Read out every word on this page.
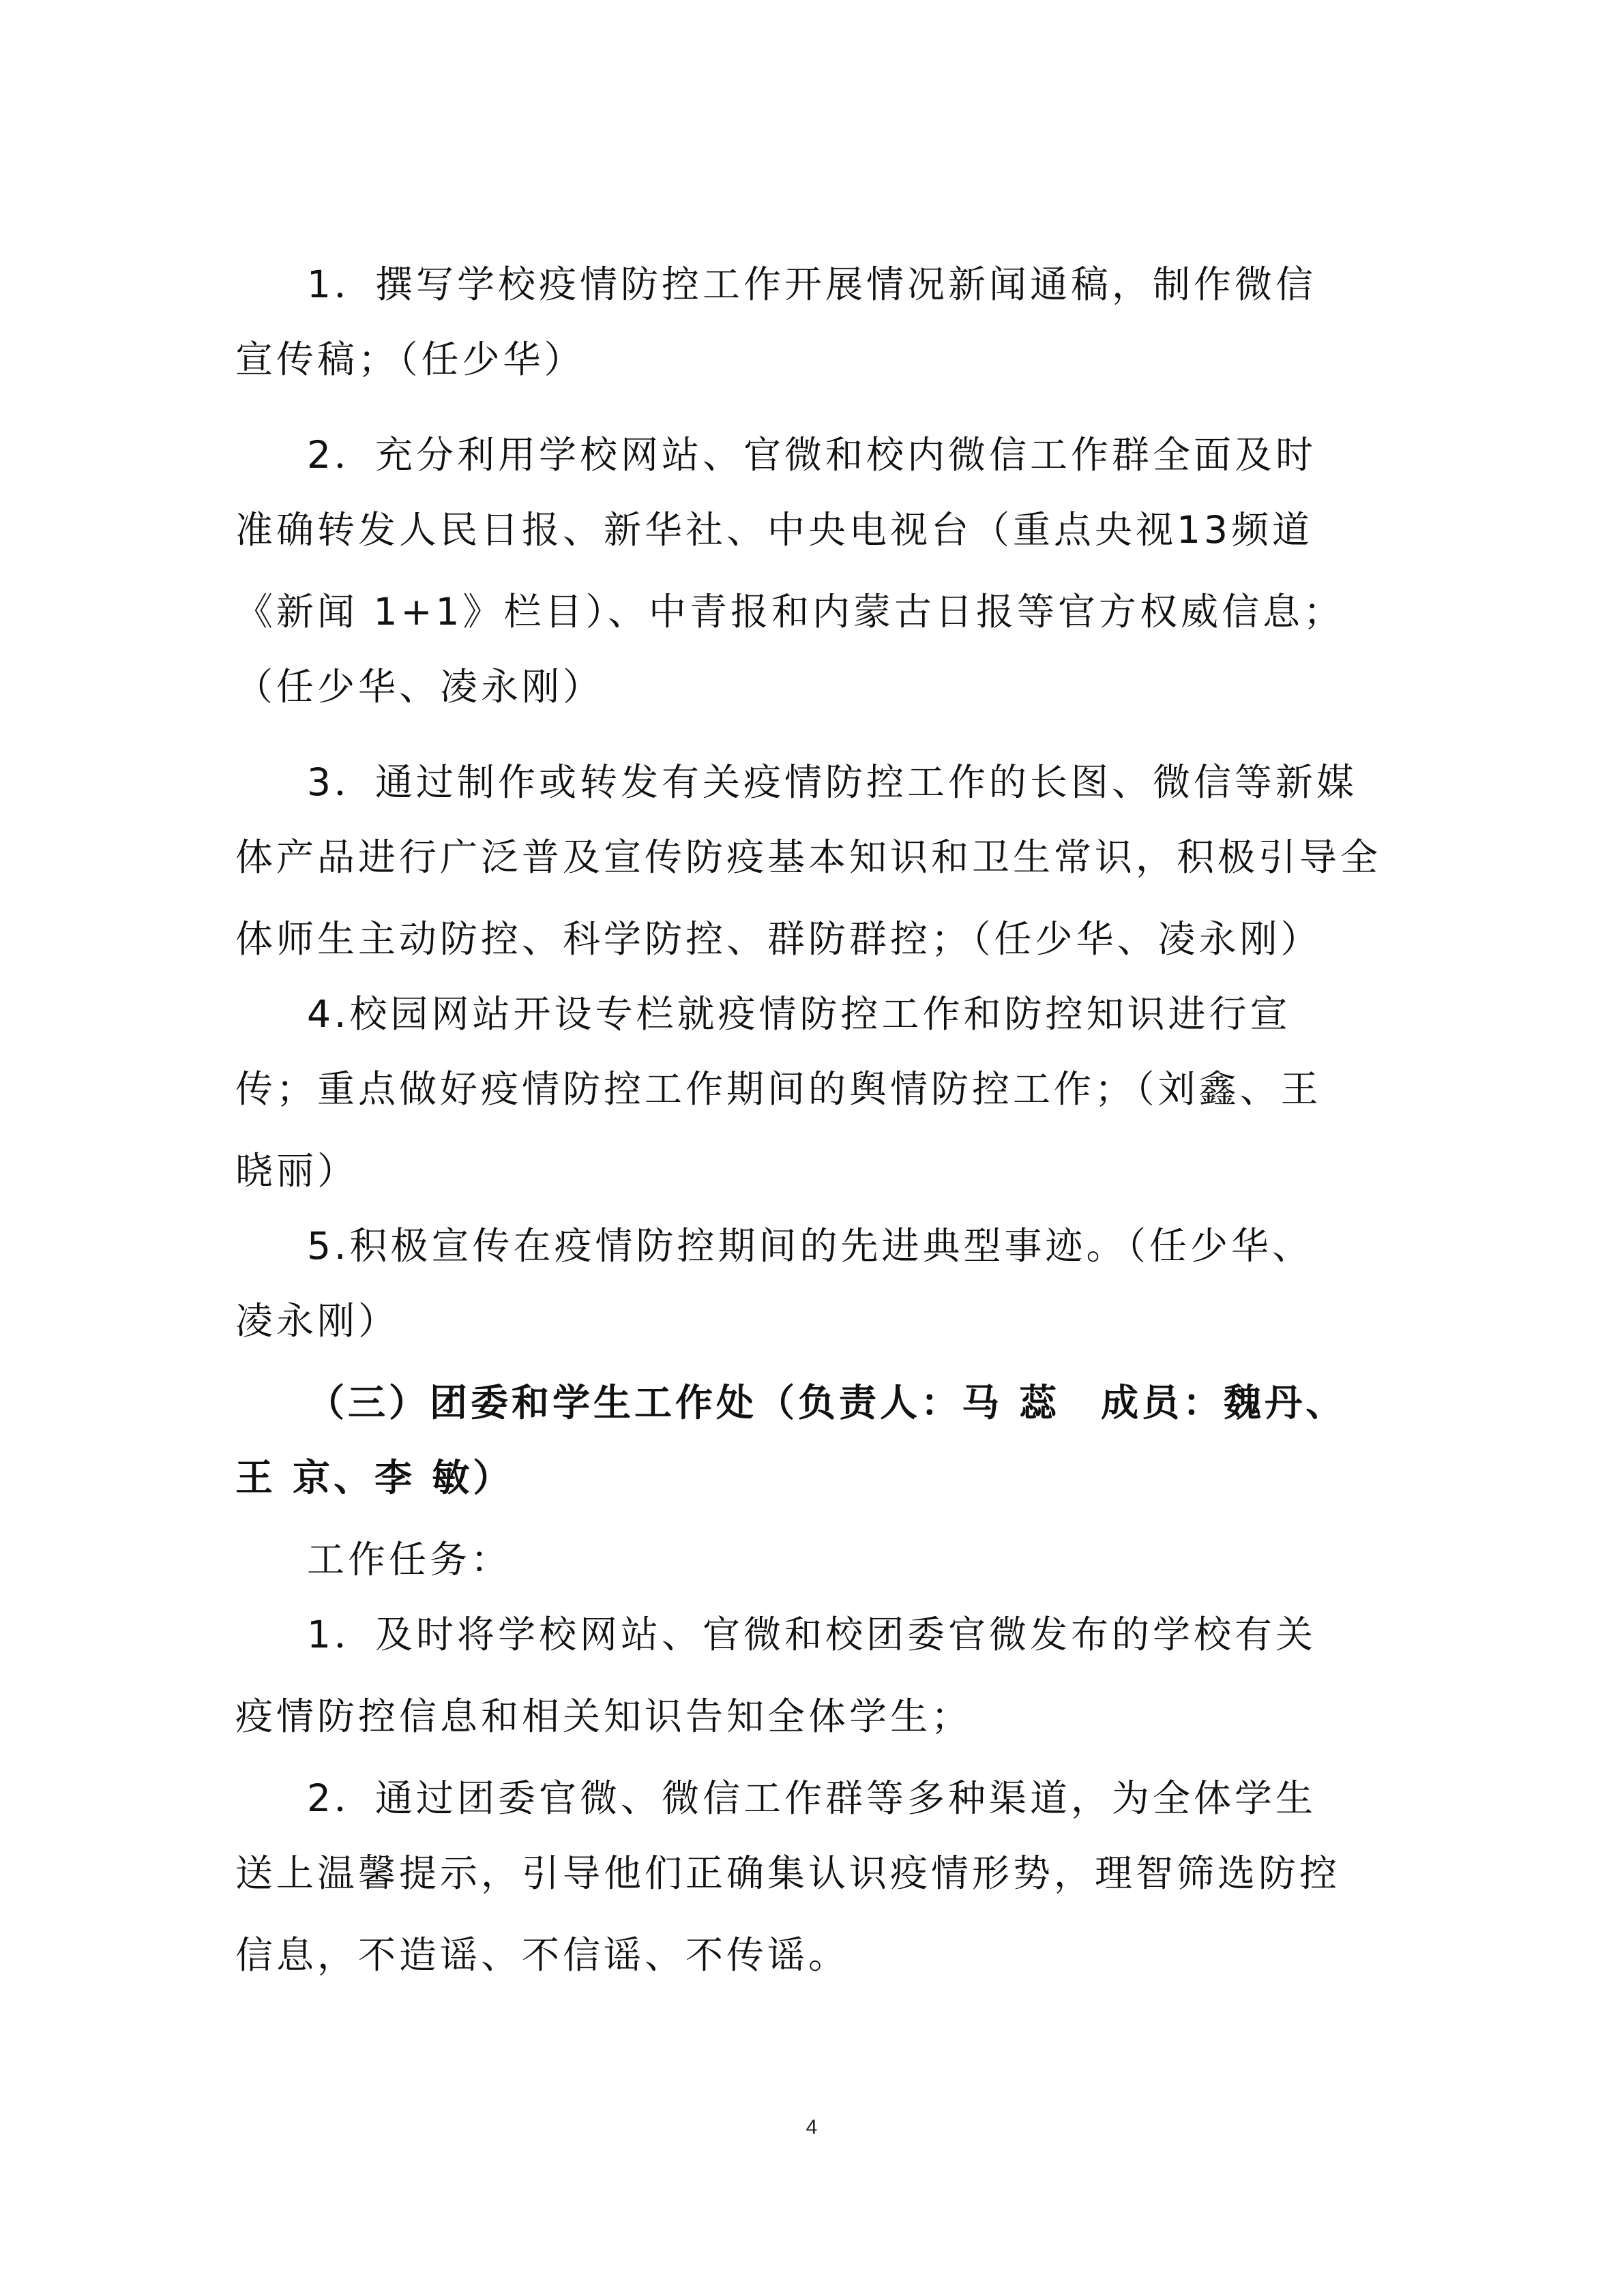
1．撰写学校疫情防控工作开展情况新闻通稿，制作微信
宣传稿；（任少华）
2．充分利用学校网站、官微和校内微信工作群全面及时
准确转发人民日报、新华社、中央电视台（重点央视13频道
《新闻 1+1》栏目）、中青报和内蒙古日报等官方权威信息；
（任少华、凌永刚）
3．通过制作或转发有关疫情防控工作的长图、微信等新媒
体产品进行广泛普及宣传防疫基本知识和卫生常识，积极引导全
体师生主动防控、科学防控、群防群控；（任少华、凌永刚）
4.校园网站开设专栏就疫情防控工作和防控知识进行宣
传；重点做好疫情防控工作期间的舆情防控工作；（刘鑫、王
晓丽）
5.积极宣传在疫情防控期间的先进典型事迹。（任少华、
凌永刚）
（三）团委和学生工作处（负责人：马 蕊　成员：魏丹、
王 京、李 敏）
工作任务：
1．及时将学校网站、官微和校团委官微发布的学校有关
疫情防控信息和相关知识告知全体学生；
2．通过团委官微、微信工作群等多种渠道，为全体学生
送上温馨提示，引导他们正确集认识疫情形势，理智筛选防控
信息，不造谣、不信谣、不传谣。
4
